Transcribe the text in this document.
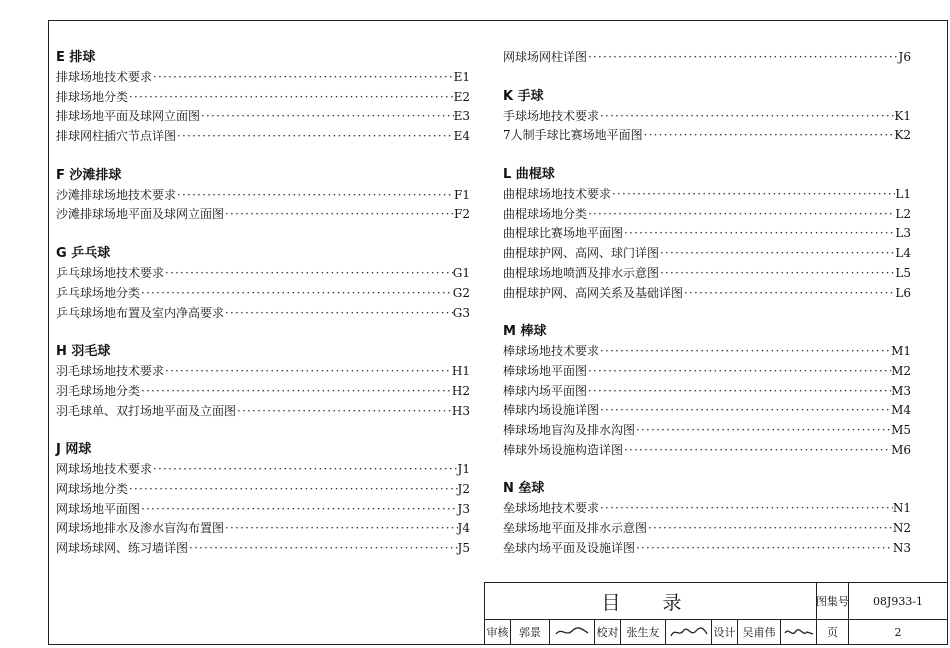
E 排球
排球场地技术要求 ·····	E1
排球场地分类 ·····	E2
排球场地平面及球网立面图 ·····	E3
排球网柱插穴节点详图 ·····	E4
F 沙滩排球
沙滩排球场地技术要求 ·····	F1
沙滩排球场地平面及球网立面图 ·····	F2
G 乒乓球
乒乓球场地技术要求 ·····	G1
乒乓球场地分类 ·····	G2
乒乓球场地布置及室内净高要求 ·····	G3
H 羽毛球
羽毛球场地技术要求 ·····	H1
羽毛球场地分类 ·····	H2
羽毛球单、双打场地平面及立面图 ·····	H3
J 网球
网球场地技术要求 ·····	J1
网球场地分类 ·····	J2
网球场地平面图 ·····	J3
网球场地排水及渗水盲沟布置图 ·····	J4
网球场球网、练习墙详图 ·····	J5
网球场网柱详图 ·····	J6
K 手球
手球场地技术要求 ·····	K1
7人制手球比赛场地平面图 ·····	K2
L 曲棍球
曲棍球场地技术要求 ·····	L1
曲棍球场地分类 ·····	L2
曲棍球比赛场地平面图 ·····	L3
曲棍球护网、高网、球门详图 ·····	L4
曲棍球场地喷洒及排水示意图 ·····	L5
曲棍球护网、高网关系及基础详图 ·····	L6
M 棒球
棒球场地技术要求 ·····	M1
棒球场地平面图 ·····	M2
棒球内场平面图 ·····	M3
棒球内场设施详图 ·····	M4
棒球场地盲沟及排水沟图 ·····	M5
棒球外场设施构造详图 ·····	M6
N 垒球
垒球场地技术要求 ·····	N1
垒球场地平面及排水示意图 ·····	N2
垒球内场平面及设施详图 ·····	N3
目 录	图集号 08J933-1
审核 郭景	校对 张生友	设计 吴甫伟	页	2
